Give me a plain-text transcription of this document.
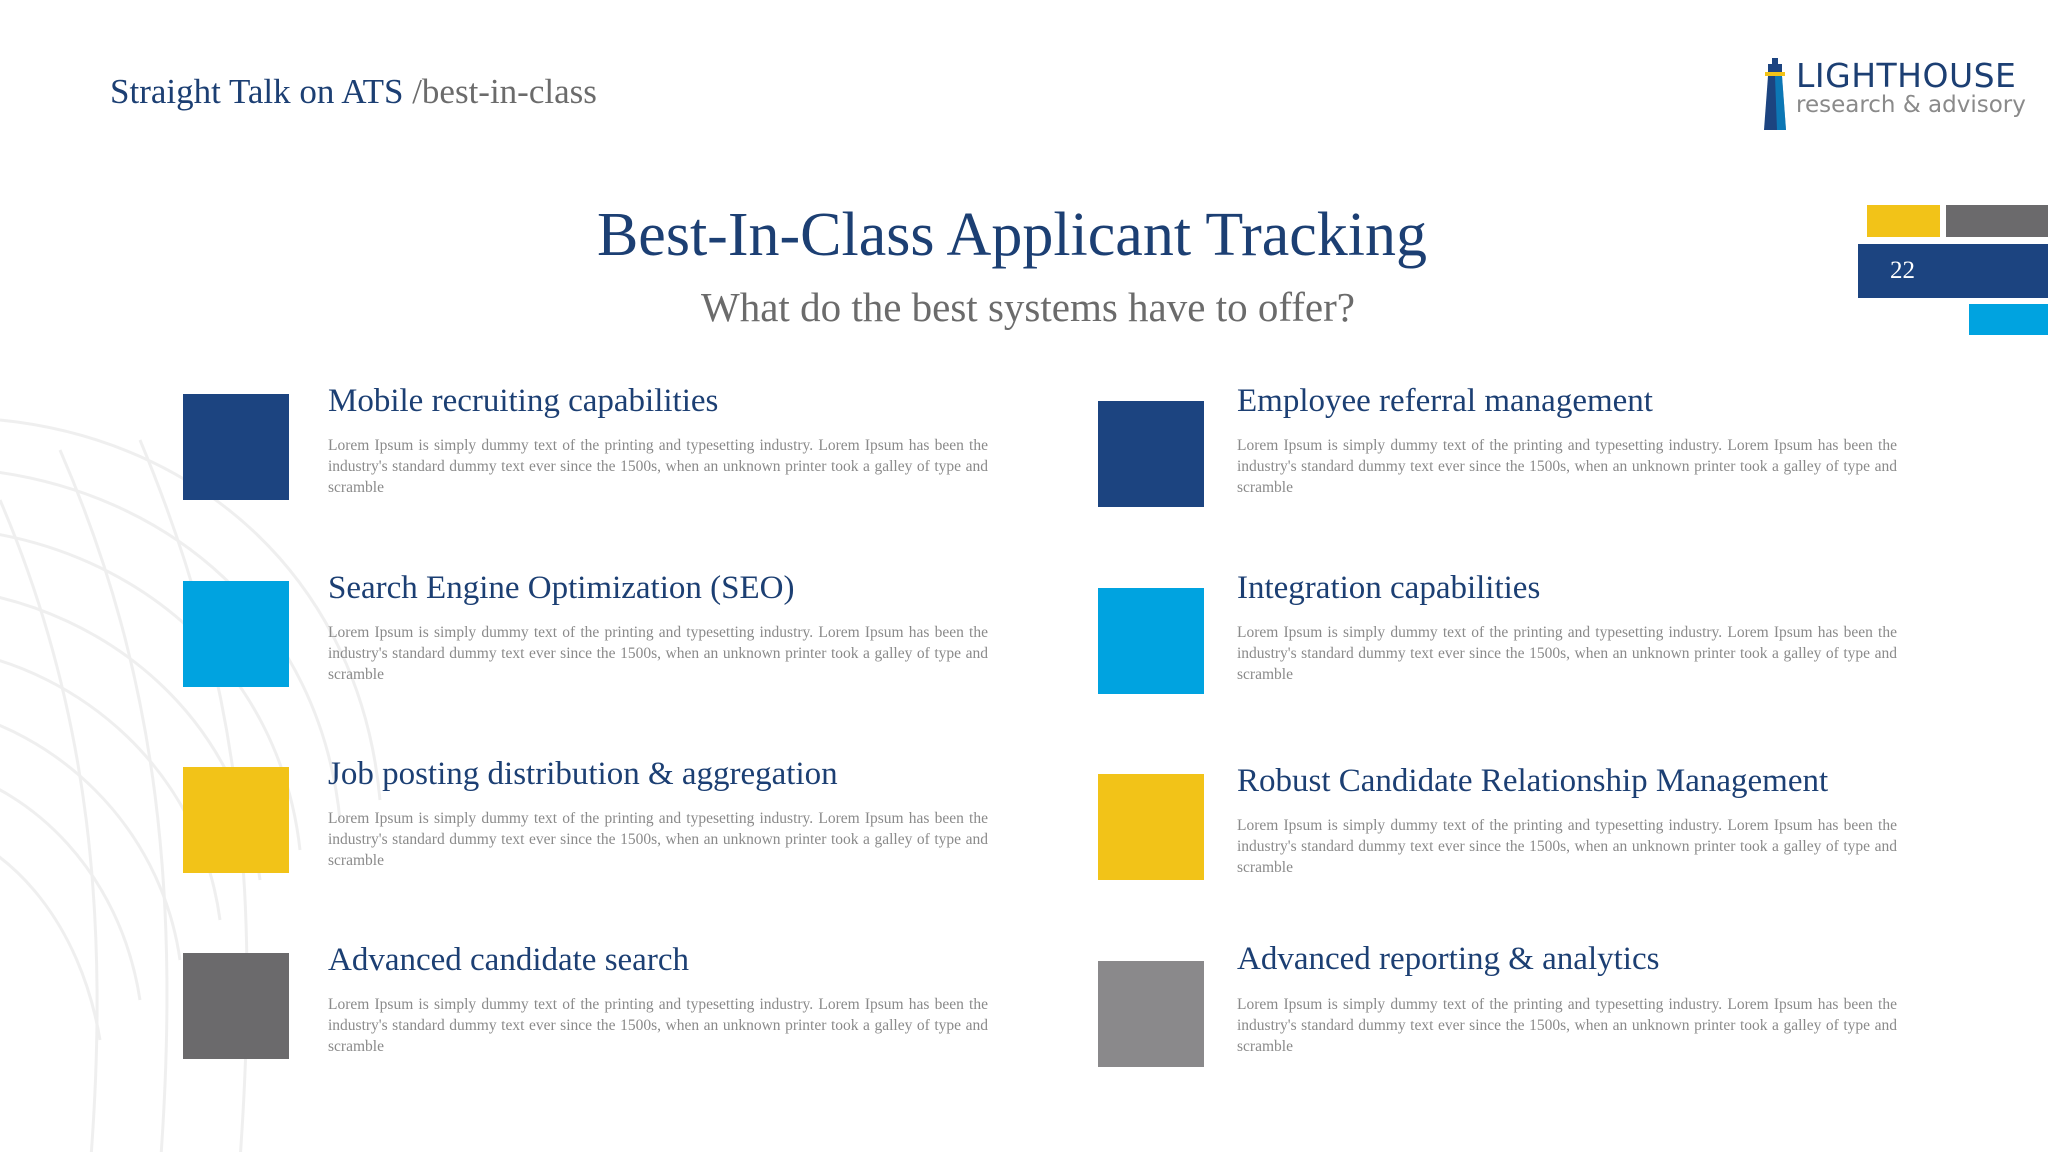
Straight Talk on ATS /best-in-class	LIGHTHOUSE
research & advisory
22
Best-In-Class Applicant Tracking
What do the best systems have to offer?
Mobile recruiting capabilities
Lorem Ipsum is simply dummy text of the printing and typesetting industry. Lorem Ipsum has been the industry's standard dummy text ever since the 1500s, when an unknown printer took a galley of type and scramble
Search Engine Optimization (SEO)
Lorem Ipsum is simply dummy text of the printing and typesetting industry. Lorem Ipsum has been the industry's standard dummy text ever since the 1500s, when an unknown printer took a galley of type and scramble
Job posting distribution & aggregation
Lorem Ipsum is simply dummy text of the printing and typesetting industry. Lorem Ipsum has been the industry's standard dummy text ever since the 1500s, when an unknown printer took a galley of type and scramble
Advanced candidate search
Lorem Ipsum is simply dummy text of the printing and typesetting industry. Lorem Ipsum has been the industry's standard dummy text ever since the 1500s, when an unknown printer took a galley of type and scramble
Employee referral management
Lorem Ipsum is simply dummy text of the printing and typesetting industry. Lorem Ipsum has been the industry's standard dummy text ever since the 1500s, when an unknown printer took a galley of type and scramble
Integration capabilities
Lorem Ipsum is simply dummy text of the printing and typesetting industry. Lorem Ipsum has been the industry's standard dummy text ever since the 1500s, when an unknown printer took a galley of type and scramble
Robust Candidate Relationship Management
Lorem Ipsum is simply dummy text of the printing and typesetting industry. Lorem Ipsum has been the industry's standard dummy text ever since the 1500s, when an unknown printer took a galley of type and scramble
Advanced reporting & analytics
Lorem Ipsum is simply dummy text of the printing and typesetting industry. Lorem Ipsum has been the industry's standard dummy text ever since the 1500s, when an unknown printer took a galley of type and scramble
